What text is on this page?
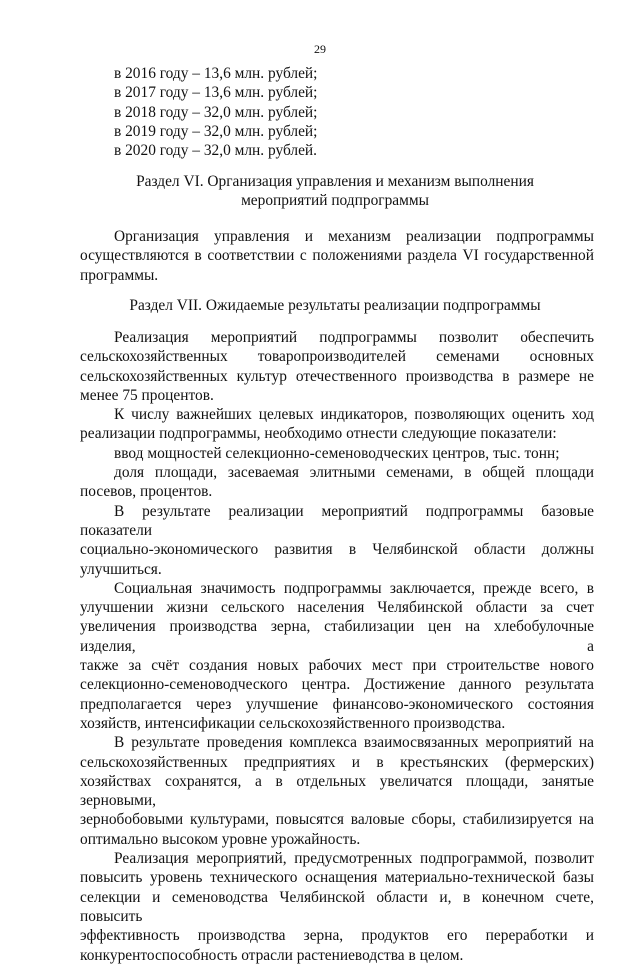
29
в 2016 году – 13,6 млн. рублей;
в 2017 году – 13,6 млн. рублей;
в 2018 году – 32,0 млн. рублей;
в 2019 году – 32,0 млн. рублей;
в 2020 году – 32,0 млн. рублей.
Раздел VI. Организация управления и механизм выполнения
мероприятий подпрограммы
Организация управления и механизм реализации подпрограммы
осуществляются в соответствии с положениями раздела VI государственной
программы.
Раздел VII. Ожидаемые результаты реализации подпрограммы
Реализация мероприятий подпрограммы позволит обеспечить
сельскохозяйственных товаропроизводителей семенами основных
сельскохозяйственных культур отечественного производства в размере не
менее 75 процентов.
К числу важнейших целевых индикаторов, позволяющих оценить ход
реализации подпрограммы, необходимо отнести следующие показатели:
ввод мощностей селекционно-семеноводческих центров, тыс. тонн;
доля площади, засеваемая элитными семенами, в общей площади
посевов, процентов.
В результате реализации мероприятий подпрограммы базовые показатели
социально-экономического развития в Челябинской области должны
улучшиться.
Социальная значимость подпрограммы заключается, прежде всего, в
улучшении жизни сельского населения Челябинской области за счет
увеличения производства зерна, стабилизации цен на хлебобулочные изделия, а
также за счёт создания новых рабочих мест при строительстве нового
селекционно-семеноводческого центра. Достижение данного результата
предполагается через улучшение финансово-экономического состояния
хозяйств, интенсификации сельскохозяйственного производства.
В результате проведения комплекса взаимосвязанных мероприятий на
сельскохозяйственных предприятиях и в крестьянских (фермерских)
хозяйствах сохранятся, а в отдельных увеличатся площади, занятые зерновыми,
зернобобовыми культурами, повысятся валовые сборы, стабилизируется на
оптимально высоком уровне урожайность.
Реализация мероприятий, предусмотренных подпрограммой, позволит
повысить уровень технического оснащения материально-технической базы
селекции и семеноводства Челябинской области и, в конечном счете, повысить
эффективность производства зерна, продуктов его переработки и
конкурентоспособность отрасли растениеводства в целом.
